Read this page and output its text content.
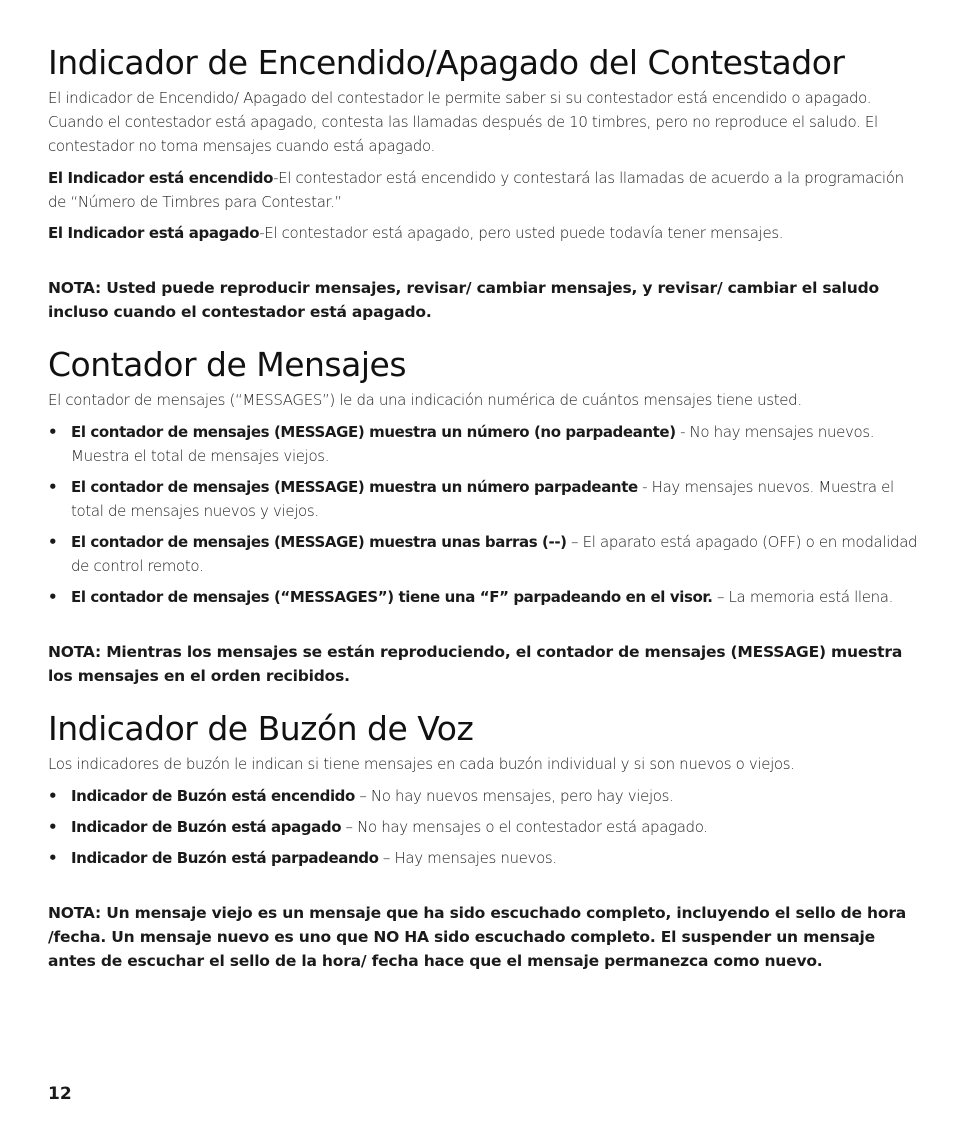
Indicador de Encendido/Apagado del Contestador

El indicador de Encendido/ Apagado del contestador le permite saber si su contestador está encendido o apagado. Cuando el contestador está apagado, contesta las llamadas después de 10 timbres, pero no reproduce el saludo. El contestador no toma mensajes cuando está apagado.

El Indicador está encendido-El contestador está encendido y contestará las llamadas de acuerdo a la programación de “Número de Timbres para Contestar.”

El Indicador está apagado-El contestador está apagado, pero usted puede todavía tener mensajes.

NOTA: Usted puede reproducir mensajes, revisar/ cambiar mensajes, y revisar/ cambiar el saludo incluso cuando el contestador está apagado.

Contador de Mensajes

El contador de mensajes (“MESSAGES”) le da una indicación numérica de cuántos mensajes tiene usted.

• El contador de mensajes (MESSAGE) muestra un número (no parpadeante) - No hay mensajes nuevos. Muestra el total de mensajes viejos.

• El contador de mensajes (MESSAGE) muestra un número parpadeante - Hay mensajes nuevos. Muestra el total de mensajes nuevos y viejos.

• El contador de mensajes (MESSAGE) muestra unas barras (--) – El aparato está apagado (OFF) o en modalidad de control remoto.

• El contador de mensajes (“MESSAGES”) tiene una “F” parpadeando en el visor. – La memoria está llena.

NOTA: Mientras los mensajes se están reproduciendo, el contador de mensajes (MESSAGE) muestra los mensajes en el orden recibidos.

Indicador de Buzón de Voz

Los indicadores de buzón le indican si tiene mensajes en cada buzón individual y si son nuevos o viejos.

• Indicador de Buzón está encendido – No hay nuevos mensajes, pero hay viejos.

• Indicador de Buzón está apagado – No hay mensajes o el contestador está apagado.

• Indicador de Buzón está parpadeando – Hay mensajes nuevos.

NOTA: Un mensaje viejo es un mensaje que ha sido escuchado completo, incluyendo el sello de hora /fecha. Un mensaje nuevo es uno que NO HA sido escuchado completo. El suspender un mensaje antes de escuchar el sello de la hora/ fecha hace que el mensaje permanezca como nuevo.

12
